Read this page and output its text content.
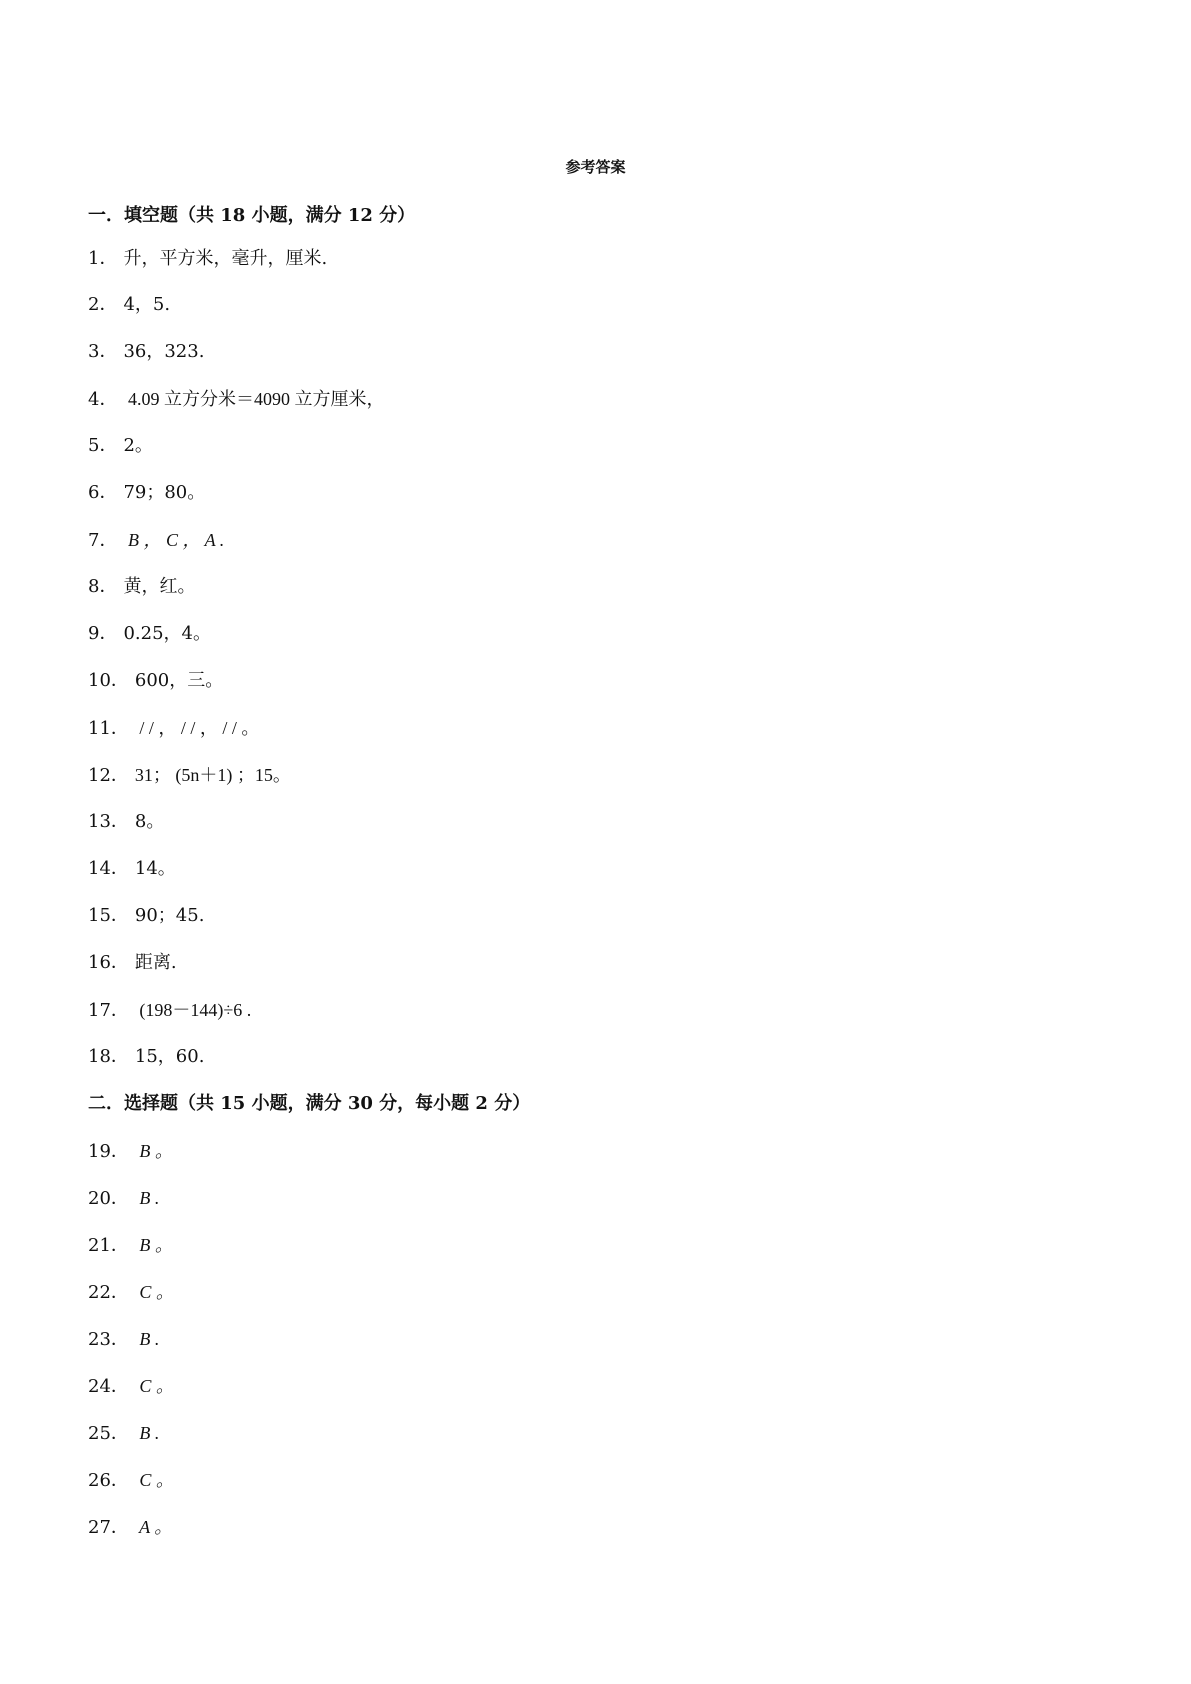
参考答案
一．填空题（共 18 小题，满分 12 分）
1． 升，平方米，毫升，厘米.
2． 4，5.
3． 36，323.
4． 4.09 立方分米＝4090 立方厘米，
5． 2。
6． 79；80。
7． B ， C ， A .
8． 黄，红。
9． 0.25，4。
10． 600，三。
11． / / ， / / ， / / 。
12． 31； (5n＋1) ；15。
13． 8。
14． 14。
15． 90；45.
16． 距离.
17． (198－144)÷6 .
18． 15，60.
二．选择题（共 15 小题，满分 30 分，每小题 2 分）
19． B 。
20． B .
21． B 。
22． C 。
23． B .
24． C 。
25． B .
26． C 。
27． A 。
